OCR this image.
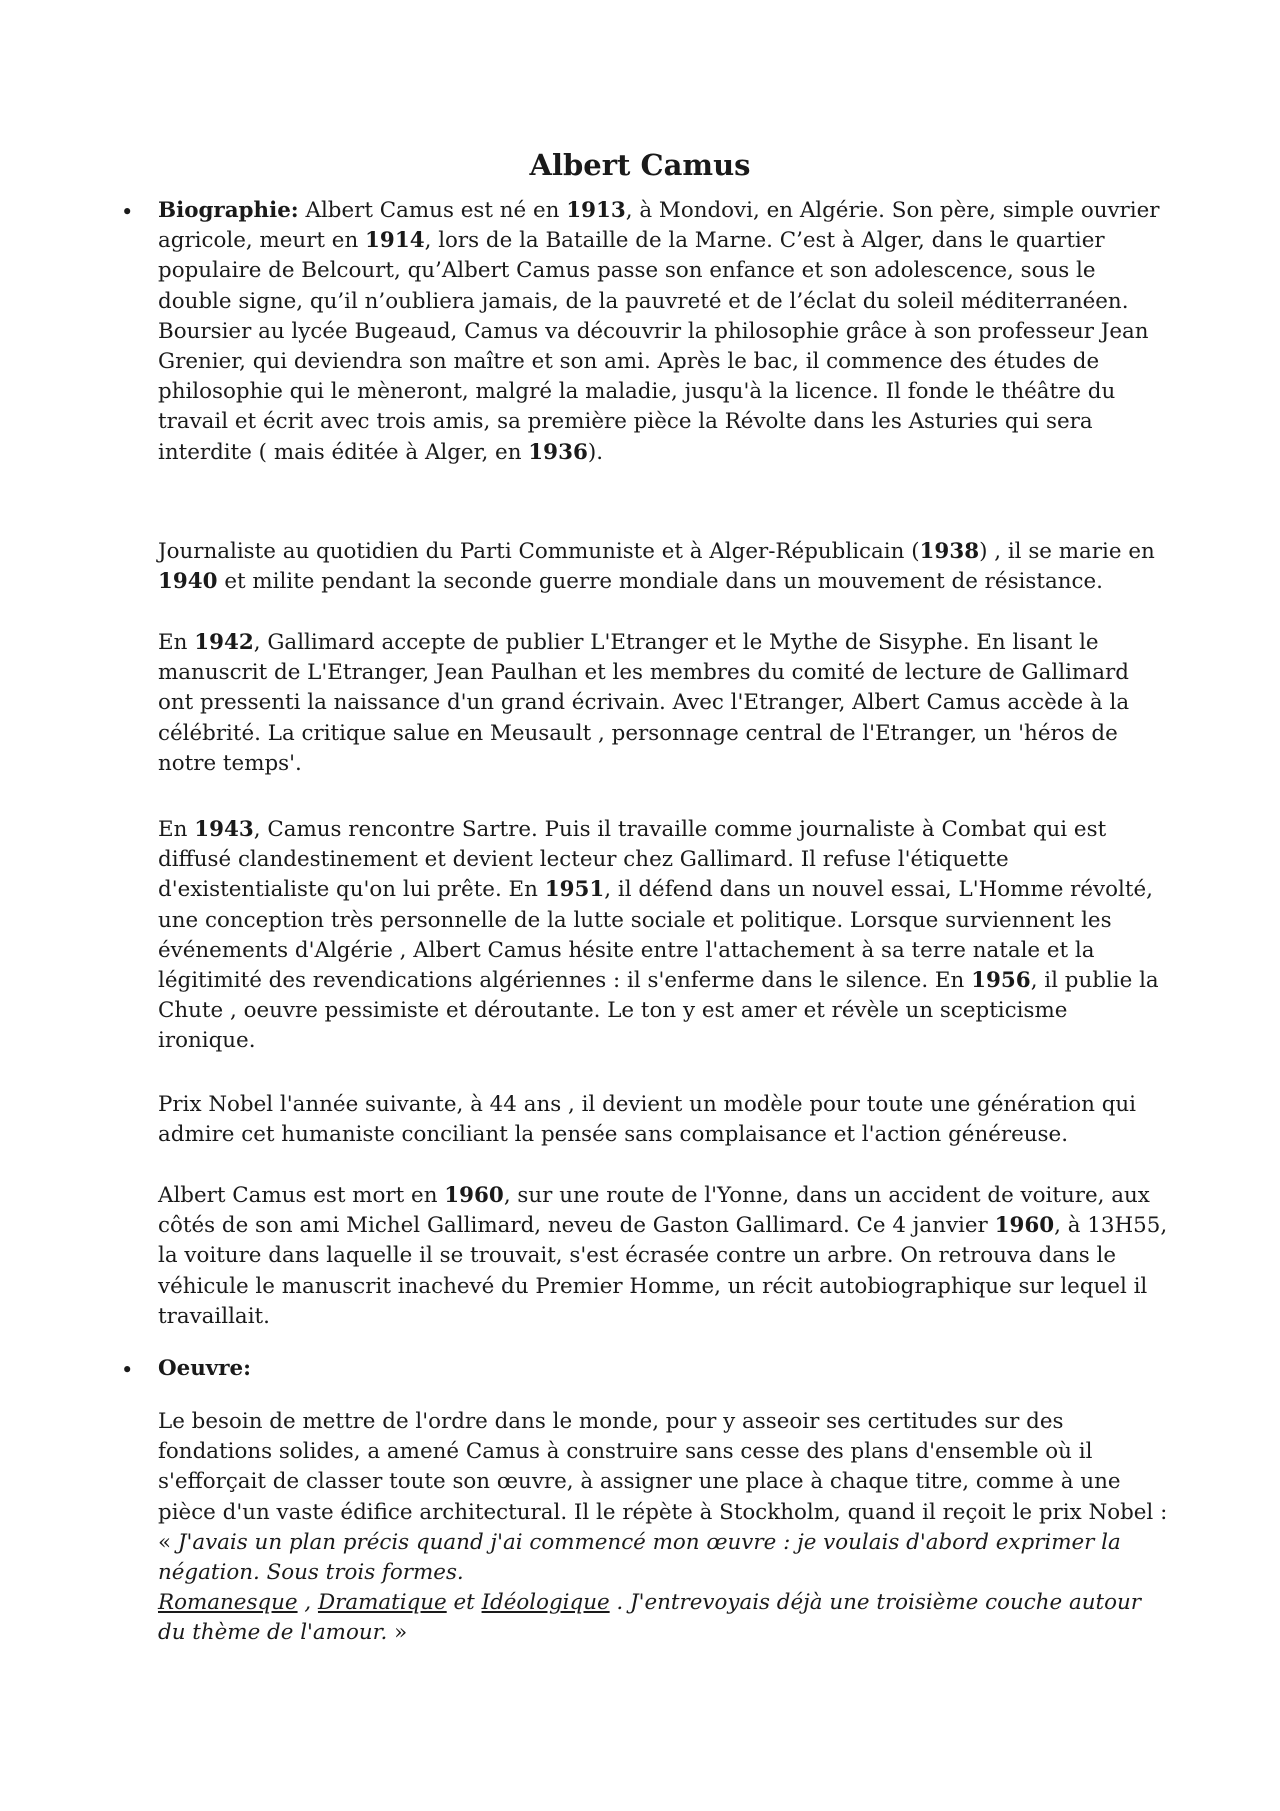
Albert Camus
• Biographie: Albert Camus est né en 1913, à Mondovi, en Algérie. Son père, simple ouvrier agricole, meurt en 1914, lors de la Bataille de la Marne. C’est à Alger, dans le quartier populaire de Belcourt, qu’Albert Camus passe son enfance et son adolescence, sous le double signe, qu’il n’oubliera jamais, de la pauvreté et de l’éclat du soleil méditerranéen. Boursier au lycée Bugeaud, Camus va découvrir la philosophie grâce à son professeur Jean Grenier, qui deviendra son maître et son ami. Après le bac, il commence des études de philosophie qui le mèneront, malgré la maladie, jusqu'à la licence. Il fonde le théâtre du travail et écrit avec trois amis, sa première pièce la Révolte dans les Asturies qui sera interdite ( mais éditée à Alger, en 1936).

Journaliste au quotidien du Parti Communiste et à Alger-Républicain (1938) , il se marie en 1940 et milite pendant la seconde guerre mondiale dans un mouvement de résistance.

En 1942, Gallimard accepte de publier L'Etranger et le Mythe de Sisyphe. En lisant le manuscrit de L'Etranger, Jean Paulhan et les membres du comité de lecture de Gallimard ont pressenti la naissance d'un grand écrivain. Avec l'Etranger, Albert Camus accède à la célébrité. La critique salue en Meusault , personnage central de l'Etranger, un 'héros de notre temps'.

En 1943, Camus rencontre Sartre. Puis il travaille comme journaliste à Combat qui est diffusé clandestinement et devient lecteur chez Gallimard. Il refuse l'étiquette d'existentialiste qu'on lui prête. En 1951, il défend dans un nouvel essai, L'Homme révolté, une conception très personnelle de la lutte sociale et politique. Lorsque surviennent les événements d'Algérie , Albert Camus hésite entre l'attachement à sa terre natale et la légitimité des revendications algériennes : il s'enferme dans le silence. En 1956, il publie la Chute , oeuvre pessimiste et déroutante. Le ton y est amer et révèle un scepticisme ironique.

Prix Nobel l'année suivante, à 44 ans , il devient un modèle pour toute une génération qui admire cet humaniste conciliant la pensée sans complaisance et l'action généreuse.

Albert Camus est mort en 1960, sur une route de l'Yonne, dans un accident de voiture, aux côtés de son ami Michel Gallimard, neveu de Gaston Gallimard. Ce 4 janvier 1960, à 13H55, la voiture dans laquelle il se trouvait, s'est écrasée contre un arbre. On retrouva dans le véhicule le manuscrit inachevé du Premier Homme, un récit autobiographique sur lequel il travaillait.

• Oeuvre:

Le besoin de mettre de l'ordre dans le monde, pour y asseoir ses certitudes sur des fondations solides, a amené Camus à construire sans cesse des plans d'ensemble où il s'efforçait de classer toute son œuvre, à assigner une place à chaque titre, comme à une pièce d'un vaste édifice architectural. Il le répète à Stockholm, quand il reçoit le prix Nobel : « J'avais un plan précis quand j'ai commencé mon œuvre : je voulais d'abord exprimer la négation. Sous trois formes.
Romanesque , Dramatique et Idéologique . J'entrevoyais déjà une troisième couche autour du thème de l'amour. »
